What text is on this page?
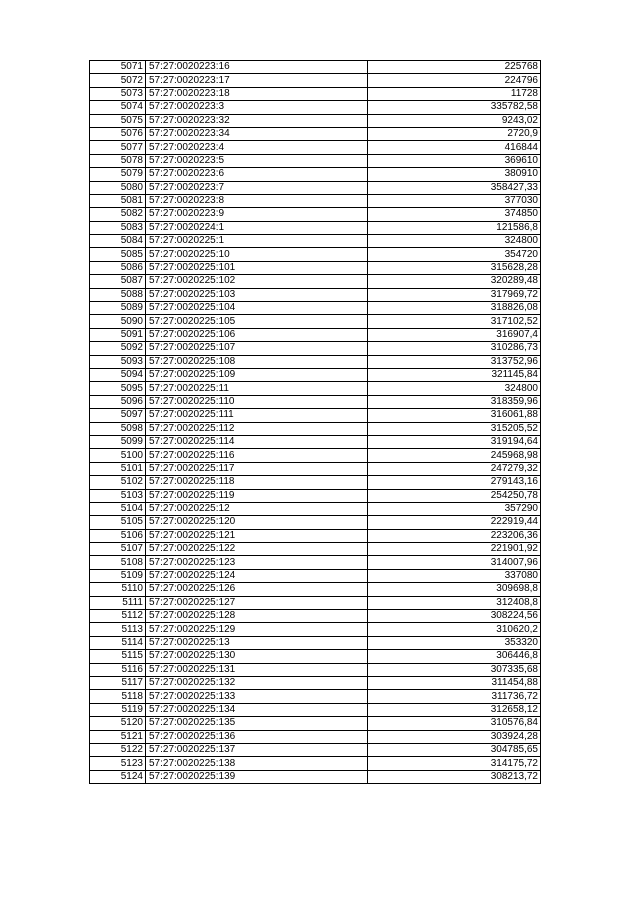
5071	57:27:0020223:16	225768
5072	57:27:0020223:17	224796
5073	57:27:0020223:18	11728
5074	57:27:0020223:3	335782,58
5075	57:27:0020223:32	9243,02
5076	57:27:0020223:34	2720,9
5077	57:27:0020223:4	416844
5078	57:27:0020223:5	369610
5079	57:27:0020223:6	380910
5080	57:27:0020223:7	358427,33
5081	57:27:0020223:8	377030
5082	57:27:0020223:9	374850
5083	57:27:0020224:1	121586,8
5084	57:27:0020225:1	324800
5085	57:27:0020225:10	354720
5086	57:27:0020225:101	315628,28
5087	57:27:0020225:102	320289,48
5088	57:27:0020225:103	317969,72
5089	57:27:0020225:104	318826,08
5090	57:27:0020225:105	317102,52
5091	57:27:0020225:106	316907,4
5092	57:27:0020225:107	310286,73
5093	57:27:0020225:108	313752,96
5094	57:27:0020225:109	321145,84
5095	57:27:0020225:11	324800
5096	57:27:0020225:110	318359,96
5097	57:27:0020225:111	316061,88
5098	57:27:0020225:112	315205,52
5099	57:27:0020225:114	319194,64
5100	57:27:0020225:116	245968,98
5101	57:27:0020225:117	247279,32
5102	57:27:0020225:118	279143,16
5103	57:27:0020225:119	254250,78
5104	57:27:0020225:12	357290
5105	57:27:0020225:120	222919,44
5106	57:27:0020225:121	223206,36
5107	57:27:0020225:122	221901,92
5108	57:27:0020225:123	314007,96
5109	57:27:0020225:124	337080
5110	57:27:0020225:126	309698,8
5111	57:27:0020225:127	312408,8
5112	57:27:0020225:128	308224,56
5113	57:27:0020225:129	310620,2
5114	57:27:0020225:13	353320
5115	57:27:0020225:130	306446,8
5116	57:27:0020225:131	307335,68
5117	57:27:0020225:132	311454,88
5118	57:27:0020225:133	311736,72
5119	57:27:0020225:134	312658,12
5120	57:27:0020225:135	310576,84
5121	57:27:0020225:136	303924,28
5122	57:27:0020225:137	304785,65
5123	57:27:0020225:138	314175,72
5124	57:27:0020225:139	308213,72
